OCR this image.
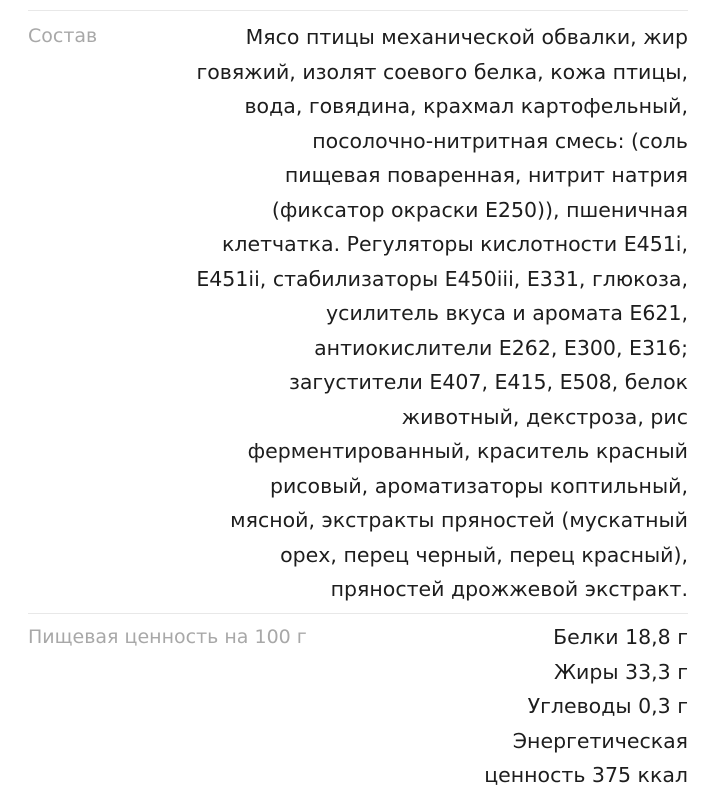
Состав	Мясо птицы механической обвалки, жир
говяжий, изолят соевого белка, кожа птицы,
вода, говядина, крахмал картофельный,
посолочно-нитритная смесь: (соль
пищевая поваренная, нитрит натрия
(фиксатор окраски Е250)), пшеничная
клетчатка. Регуляторы кислотности Е451i,
Е451ii, стабилизаторы Е450iii, Е331, глюкоза,
усилитель вкуса и аромата Е621,
антиокислители Е262, Е300, Е316;
загустители Е407, Е415, Е508, белок
животный, декстроза, рис
ферментированный, краситель красный
рисовый, ароматизаторы коптильный,
мясной, экстракты пряностей (мускатный
орех, перец черный, перец красный),
пряностей дрожжевой экстракт.
Пищевая ценность на 100 г	Белки 18,8 г
Жиры 33,3 г
Углеводы 0,3 г
Энергетическая
ценность 375 ккал
